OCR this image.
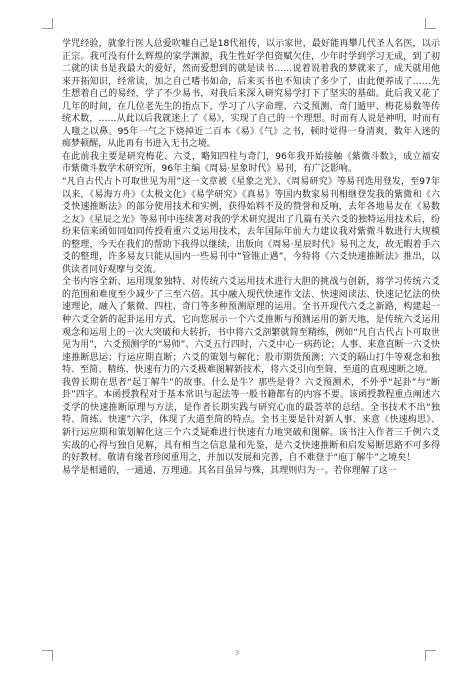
学咒经验，就象行医人总爱吹嘘自己是18代祖传，以示家世，最好能再攀几代圣人名医，以示正宗。我可没有什么辉煌的家学渊源，我生性好学但资赋欠佳，少年时学到学习无成，到了初二就的读书是我最大的爱好，然而爱想到的就是读书……说着说着我的梦就来了，成天就用他来开拓知识，经常读，加之自己嗜书如命，后来买书也不知读了多少了，由此便养成了……先生想着自己的易经，学了不少易书，对我后来深入研究易学打下了坚实的基础。此后我又花了几年的时间，在几位老先生的指点下，学习了八字命理、六爻预测、奇门遁甲、梅花易数等传统术数，……从此以后我就迷上了《易》，实现了自己的一个理想。时而有人说是神明，时而有人嗤之以鼻。95年一气之下烧掉近二百本《易》《气》之书，顿时觉得一身清爽，数年入迷的痴梦顿醒，从此再有书进入无书之境。

在此前我主要是研究梅花、六爻，略知四柱与奇门，96年我开始接触《紫微斗数》，成立福安市紫微斗数学术研究所，96年主编《周易·星象时代》易刊，有广泛影响。

“凡自古代占卜可取世见为用”这一文章被《星象之光》、《周易研究》等易刊选用登发，至97年以来，《易海方舟》《太极文化》《易学研究》《真易》等国内数家易刊相继登发我的紫微和《六爻快速推断法》的部分使用技术和实例，获得始料不及的赞誉和反响，去年各地易友在《易数之友》《星辰之光》等易刊中连续著对我的学术研究提出了几篇有关六爻的独特运用技术后，纷纷来信来函如同如同传授看重六爻运用技术，去年国际年前大力建议我对紫微斗数进行大规模的整理，今天在我们的帮助下我得以继续，出版向《周易·星辰时代》易刊之友，故无暇着手六爻的整理，许多易友只能从国内一些易刊中“管锥止遇”，今特将《六爻快速推断法》推出，以供读者同好观摩与交流。

全书内容全新、运用现象独特、对传统六爻运用技术进行大胆的挑战与创新，将学习传统六爻的范围和难度至少减少了三至六倍。其中融入现代快速作文法、快速阅读法、快速记忆法的快速理论，融入了紫微、四柱、奇门等多种预测原理的运用。全书开现代六爻之新路，构建起一种六爻全新的起卦运用方式，它向您展示一个六爻推断与预测运用的新天地，是传统六爻运用观念和运用上的一次大突破和大转折，书中将六爻剖繁就简至精练，例如“凡自古代占卜可取世见为用”，六爻预测学的“易师”、六爻五行四时，六爻中心一病药论；人事、来意直断一六爻快速推断思运；行运应期直断；六爻的策划与解化；股市期货预测；六爻的隔山打牛等观念和独特、至简、精练、快速有力的六爻极难图解新技术，将六爻引向至简、至道的直观速断之境。

我曾长期在思者“起丁解牛”的故事。什么是牛？那些是骨？六爻预测术，不外乎“起卦”与“断卦”四字。本函授教程对于基本常识与起法等一般书籍都有的内容不要。该函授教程重点阐述六爻学的快速推断原理与方法，是作者长期实践与研究心血的最荟萃的总结。全书技术不出“独特、简练、快速”六字，体现了大道至简的特点。全书主要是针对新人事、来意《快速构思》、新行运应期和策划解化这三个六爻疑难进行快速有力地突破和图解。该书注入作者三千例六爻实战的心得与独自见解，具有相当之信息量和先鉴，是六爻快速推断和启发易断思路不可多得的好教材。敬请有缘者珍阅重用之，并加以发展和完善，自不难登于“庖丁解牛”之境矣！

易学是相通的，一通通、万理通。其名目虽异与殊，其理则归为一。若你理解了这一

3
